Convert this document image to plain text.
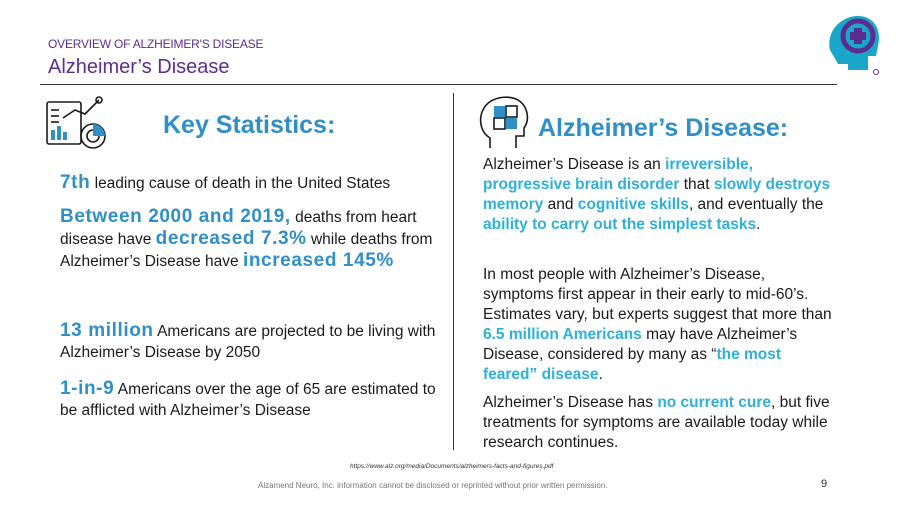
OVERVIEW OF ALZHEIMER'S DISEASE
Alzheimer’s Disease
Key Statistics:
7th leading cause of death in the United States
Between 2000 and 2019, deaths from heart disease have decreased 7.3% while deaths from Alzheimer’s Disease have increased 145%
13 million Americans are projected to be living with Alzheimer’s Disease by 2050
1-in-9 Americans over the age of 65 are estimated to be afflicted with Alzheimer’s Disease
Alzheimer’s Disease:
Alzheimer’s Disease is an irreversible, progressive brain disorder that slowly destroys memory and cognitive skills, and eventually the ability to carry out the simplest tasks.
In most people with Alzheimer’s Disease, symptoms first appear in their early to mid-60’s. Estimates vary, but experts suggest that more than 6.5 million Americans may have Alzheimer’s Disease, considered by many as “the most feared” disease.
Alzheimer’s Disease has no current cure, but five treatments for symptoms are available today while research continues.
https://www.alz.org/media/Documents/alzheimers-facts-and-figures.pdf
Alzamend Neuro, Inc. information cannot be disclosed or reprinted without prior written permission.	9
